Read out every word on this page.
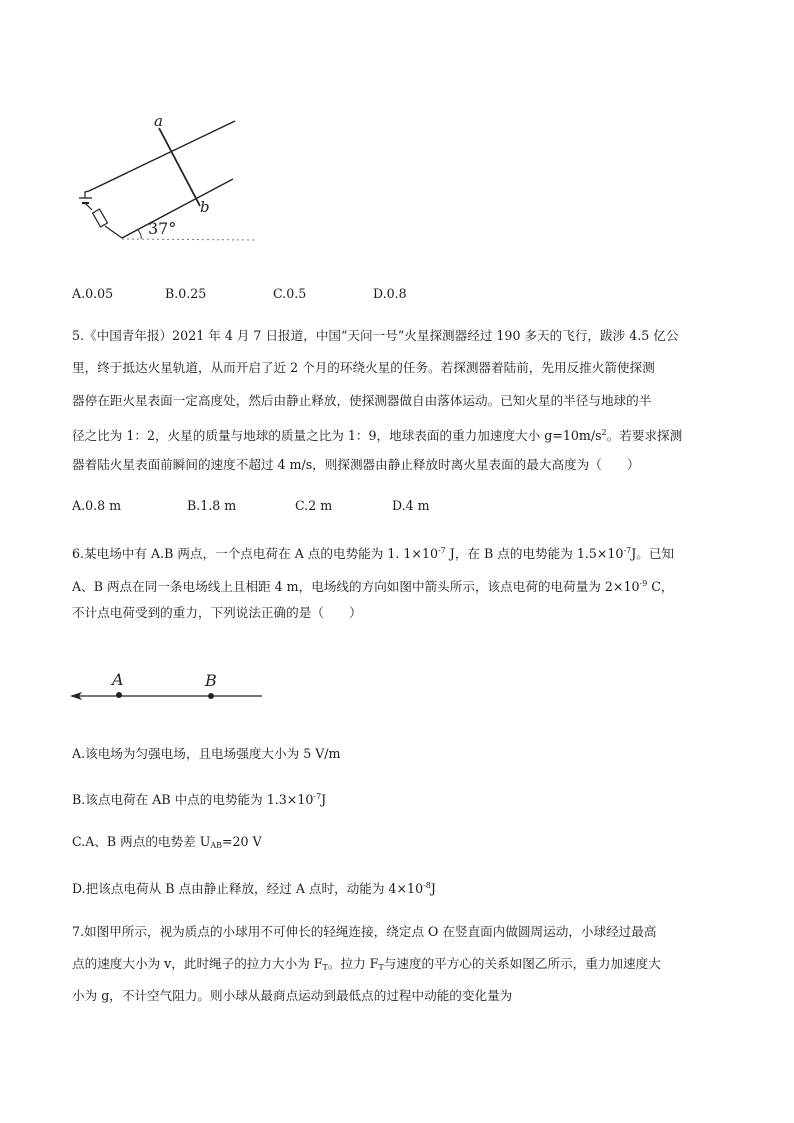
a
b
37°
A.0.05	B.0.25	C.0.5	D.0.8
5.《中国青年报）2021 年 4 月 7 日报道，中国“天问一号”火星探测器经过 190 多天的飞行，跋涉 4.5 亿公
里，终于抵达火星轨道，从而开启了近 2 个月的环绕火星的任务。若探测器着陆前，先用反推火箭使探测
器停在距火星表面一定高度处，然后由静止释放，使探测器做自由落体运动。已知火星的半径与地球的半
径之比为 1：2，火星的质量与地球的质量之比为 1：9，地球表面的重力加速度大小 $g=10m/s^2$。若要求探测
器着陆火星表面前瞬间的速度不超过 4 m/s，则探测器由静止释放时离火星表面的最大高度为（　　）
A.0.8 m	B.1.8 m	C.2 m	D.4 m
6.某电场中有 A.B 两点，一个点电荷在 A 点的电势能为 1. $1\times 10^{-7}$ J，在 B 点的电势能为 $1.5\times 10^{-7}J$。已知
A、B 两点在同一条电场线上且相距 4 m，电场线的方向如图中箭头所示，该点电荷的电荷量为 $2\times 10^{-9}$ C，
不计点电荷受到的重力，下列说法正确的是（　　）
A	B
A.该电场为匀强电场，且电场强度大小为 5 V/m
B.该点电荷在 AB 中点的电势能为 $1.3\times 10^{-7}J$
C.A、B 两点的电势差 $U_{AB}=20$ V
D.把该点电荷从 B 点由静止释放，经过 A 点时，动能为 $4\times 10^{-8}J$
7.如图甲所示，视为质点的小球用不可伸长的轻绳连接，绕定点 O 在竖直面内做圆周运动，小球经过最高
点的速度大小为 v，此时绳子的拉力大小为 $F_T$。拉力 $F_T$与速度的平方心的关系如图乙所示，重力加速度大
小为 g，不计空气阻力。则小球从最商点运动到最低点的过程中动能的变化量为
